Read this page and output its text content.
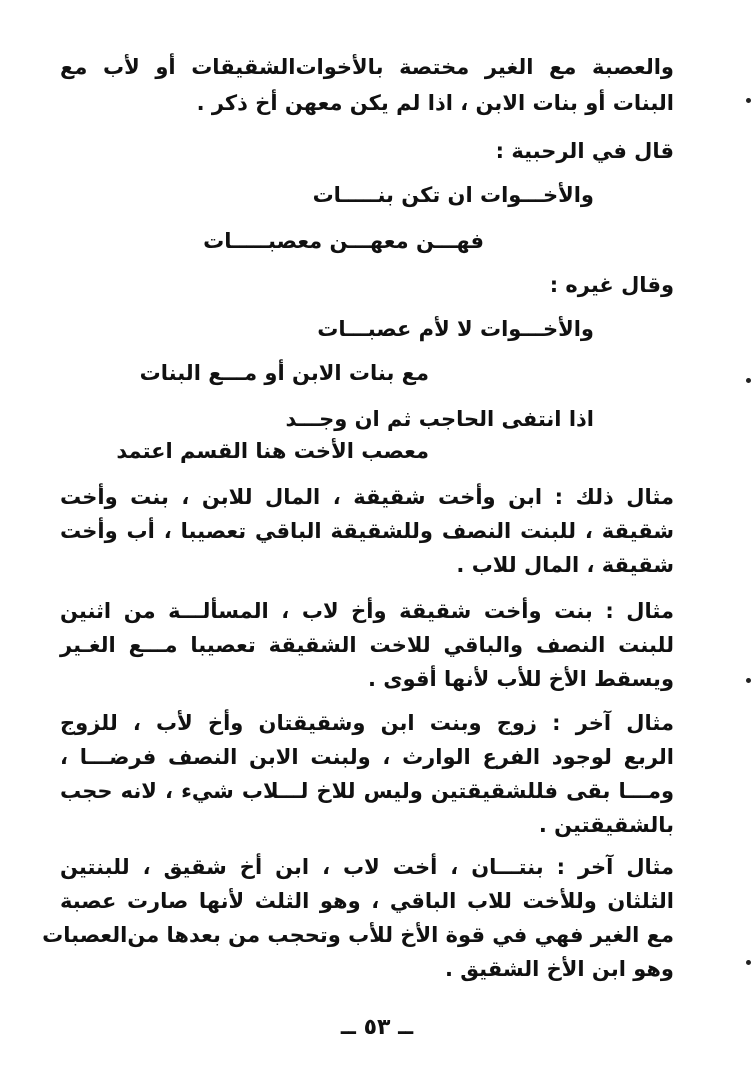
والعصبة مع الغير مختصة بالأخوات‌الشقيقات أو لأب مع
البنات أو بنات الابن ، اذا لم يكن معهن أخ ذكر .
قال في الرحبية :
والأخـــوات ان تكن بنـــــات
فهـــن معهـــن معصبـــــات
وقال غيره :
والأخـــوات لا لأم عصبـــات
مع بنات الابن أو مـــع البنات
اذا انتفى الحاجب ثم ان وجـــد
معصب الأخت هنا القسم اعتمد
مثال ذلك : ابن وأخت شقيقة ، المال للابن ، بنت وأخت
شقيقة ، للبنت النصف وللشقيقة الباقي تعصيبا ، أب وأخت
شقيقة ، المال للاب .
مثال : بنت وأخت شقيقة وأخ لاب ، المسألـــة من اثنين
للبنت النصف والباقي للاخت الشقيقة تعصيبا مـــع الغـير
ويسقط الأخ للأب لأنها أقوى .
مثال آخر : زوج وبنت ابن وشقيقتان وأخ لأب ، للزوج
الربع لوجود الفرع الوارث ، ولبنت الابن النصف فرضـــا ،
ومـــا بقى فللشقيقتين وليس للاخ لـــلاب شيء ، لانه حجب
بالشقيقتين .
مثال آخر : بنتـــان ، أخت لاب ، ابن أخ شقيق ، للبنتين
الثلثان وللأخت للاب الباقي ، وهو الثلث لأنها صارت عصبة
مع الغير فهي في قوة الأخ للأب وتحجب من بعدها من‌العصبات
وهو ابن الأخ الشقيق .
ــ ٥٣ ــ
